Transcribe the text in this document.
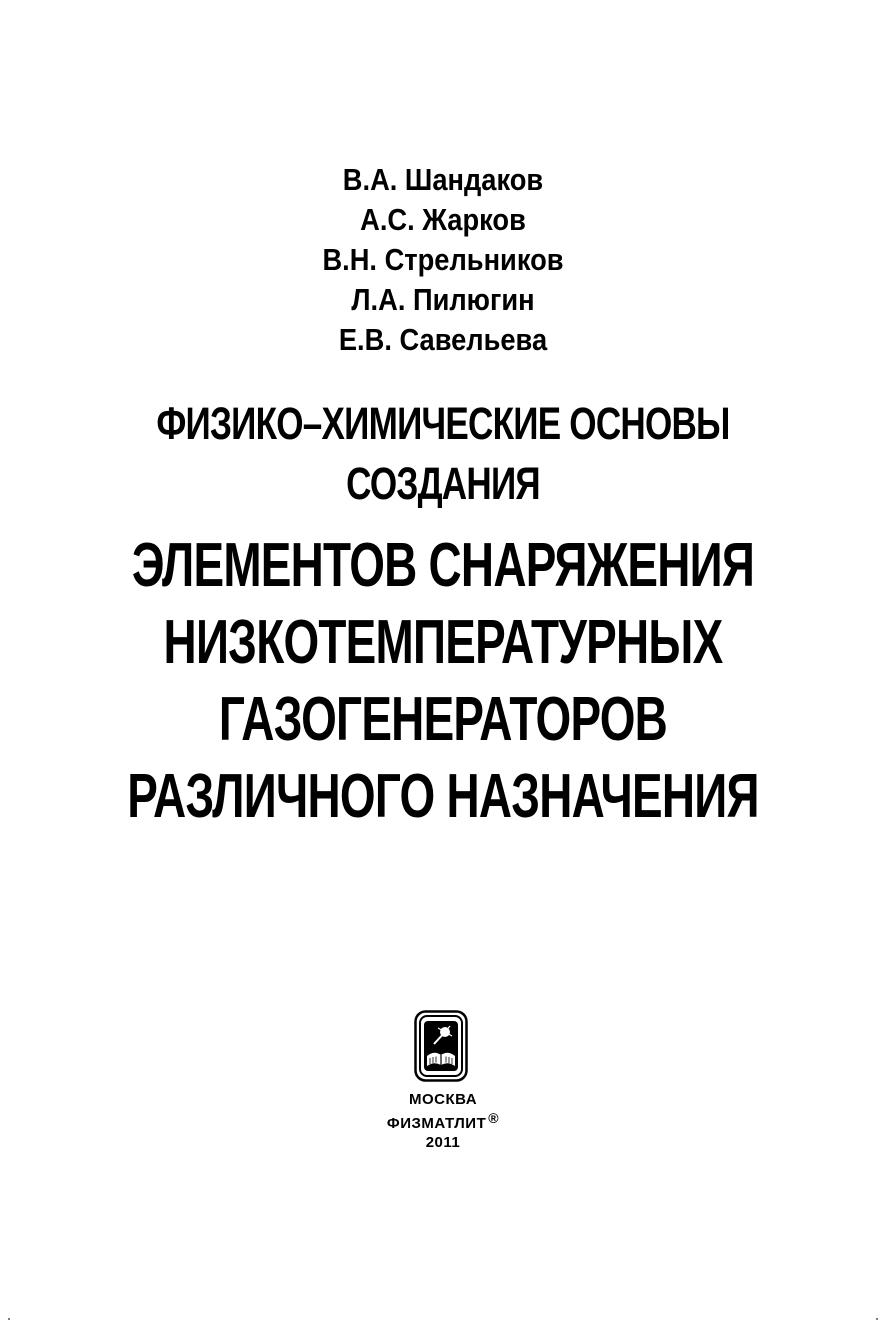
В.А. Шандаков
А.С. Жарков
В.Н. Стрельников
Л.А. Пилюгин
Е.В. Савельева
ФИЗИКО–ХИМИЧЕСКИЕ ОСНОВЫ
СОЗДАНИЯ
ЭЛЕМЕНТОВ СНАРЯЖЕНИЯ
НИЗКОТЕМПЕРАТУРНЫХ
ГАЗОГЕНЕРАТОРОВ
РАЗЛИЧНОГО НАЗНАЧЕНИЯ
МОСКВА
ФИЗМАТЛИТ ®
2011
